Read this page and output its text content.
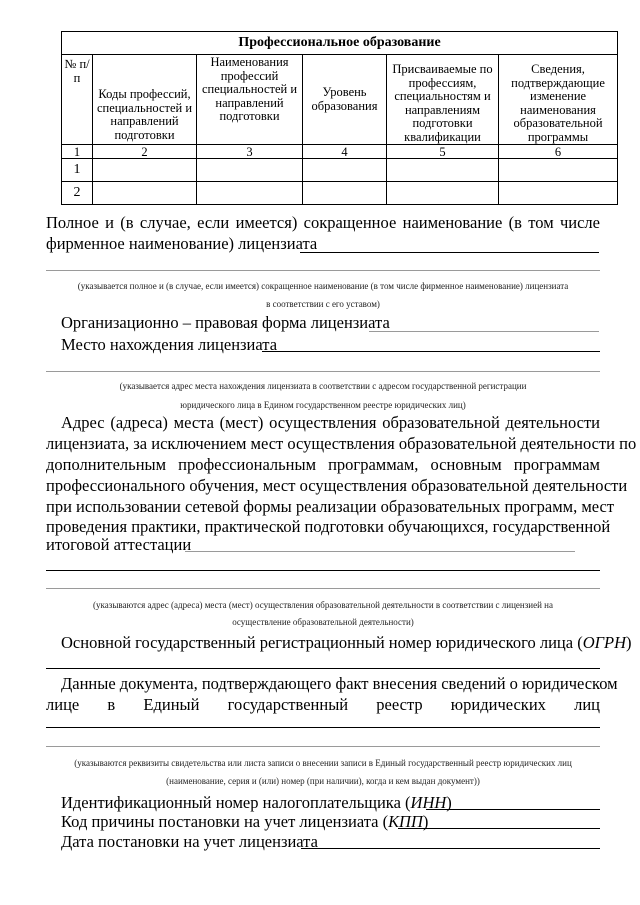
Профессиональное образование					
№ п/п	Коды профессий, специальностей и направлений подготовки	Наименования профессий специальностей и направлений подготовки	Уровень образования	Присваиваемые по профессиям, специальностям и направлениям подготовки квалификации	Сведения, подтверждающие изменение наименования образовательной программы
1	2	3	4	5	6
1					
2					
Полное и (в случае, если имеется) сокращенное наименование (в том числе
фирменное наименование) лицензиата
(указывается полное и (в случае, если имеется) сокращенное наименование (в том числе фирменное наименование) лицензиата
в соответствии с его уставом)
Организационно – правовая форма лицензиата
Место нахождения лицензиата
(указывается адрес места нахождения лицензиата в соответствии с адресом государственной регистрации
юридического лица в Едином государственном реестре юридических лиц)
Адрес (адреса) места (мест) осуществления образовательной деятельности
лицензиата, за исключением мест осуществления образовательной деятельности по
дополнительным профессиональным программам, основным программам
профессионального обучения, мест осуществления образовательной деятельности
при использовании сетевой формы реализации образовательных программ, мест
проведения практики, практической подготовки обучающихся, государственной
итоговой аттестации
(указываются адрес (адреса) места (мест) осуществления образовательной деятельности в соответствии с лицензией на
осуществление образовательной деятельности)
Основной государственный регистрационный номер юридического лица (ОГРН)
Данные документа, подтверждающего факт внесения сведений о юридическом
лице в Единый государственный реестр юридических лиц
(указываются реквизиты свидетельства или листа записи о внесении записи в Единый государственный реестр юридических лиц
(наименование, серия и (или) номер (при наличии), когда и кем выдан документ))
Идентификационный номер налогоплательщика (ИНН)
Код причины постановки на учет лицензиата (КПП)
Дата постановки на учет лицензиата
